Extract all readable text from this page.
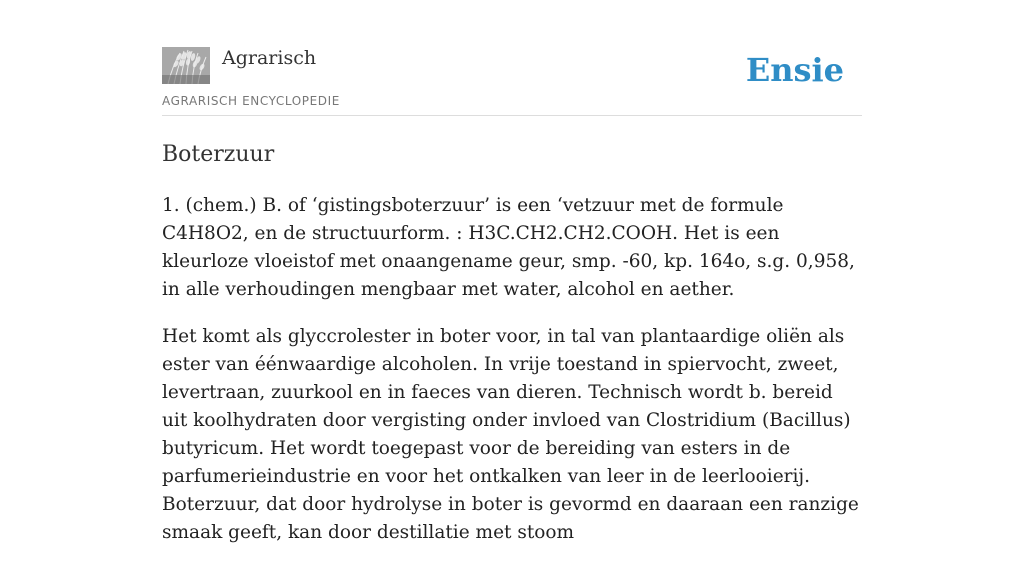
Agrarisch
AGRARISCH ENCYCLOPEDIE
Ensie
Boterzuur

1. (chem.) B. of ‘gistingsboterzuur’ is een ‘vetzuur met de formule C4H8O2, en de structuurform. : H3C.CH2.CH2.COOH. Het is een kleurloze vloeistof met onaangename geur, smp. -60, kp. 164o, s.g. 0,958, in alle verhoudingen mengbaar met water, alcohol en aether.

Het komt als glyccrolester in boter voor, in tal van plantaardige oliën als ester van éénwaardige alcoholen. In vrije toestand in spiervocht, zweet, levertraan, zuurkool en in faeces van dieren. Technisch wordt b. bereid uit koolhydraten door vergisting onder invloed van Clostridium (Bacillus) butyricum. Het wordt toegepast voor de bereiding van esters in de parfumerieindustrie en voor het ontkalken van leer in de leerlooierij. Boterzuur, dat door hydrolyse in boter is gevormd en daaraan een ranzige smaak geeft, kan door destillatie met stoom
